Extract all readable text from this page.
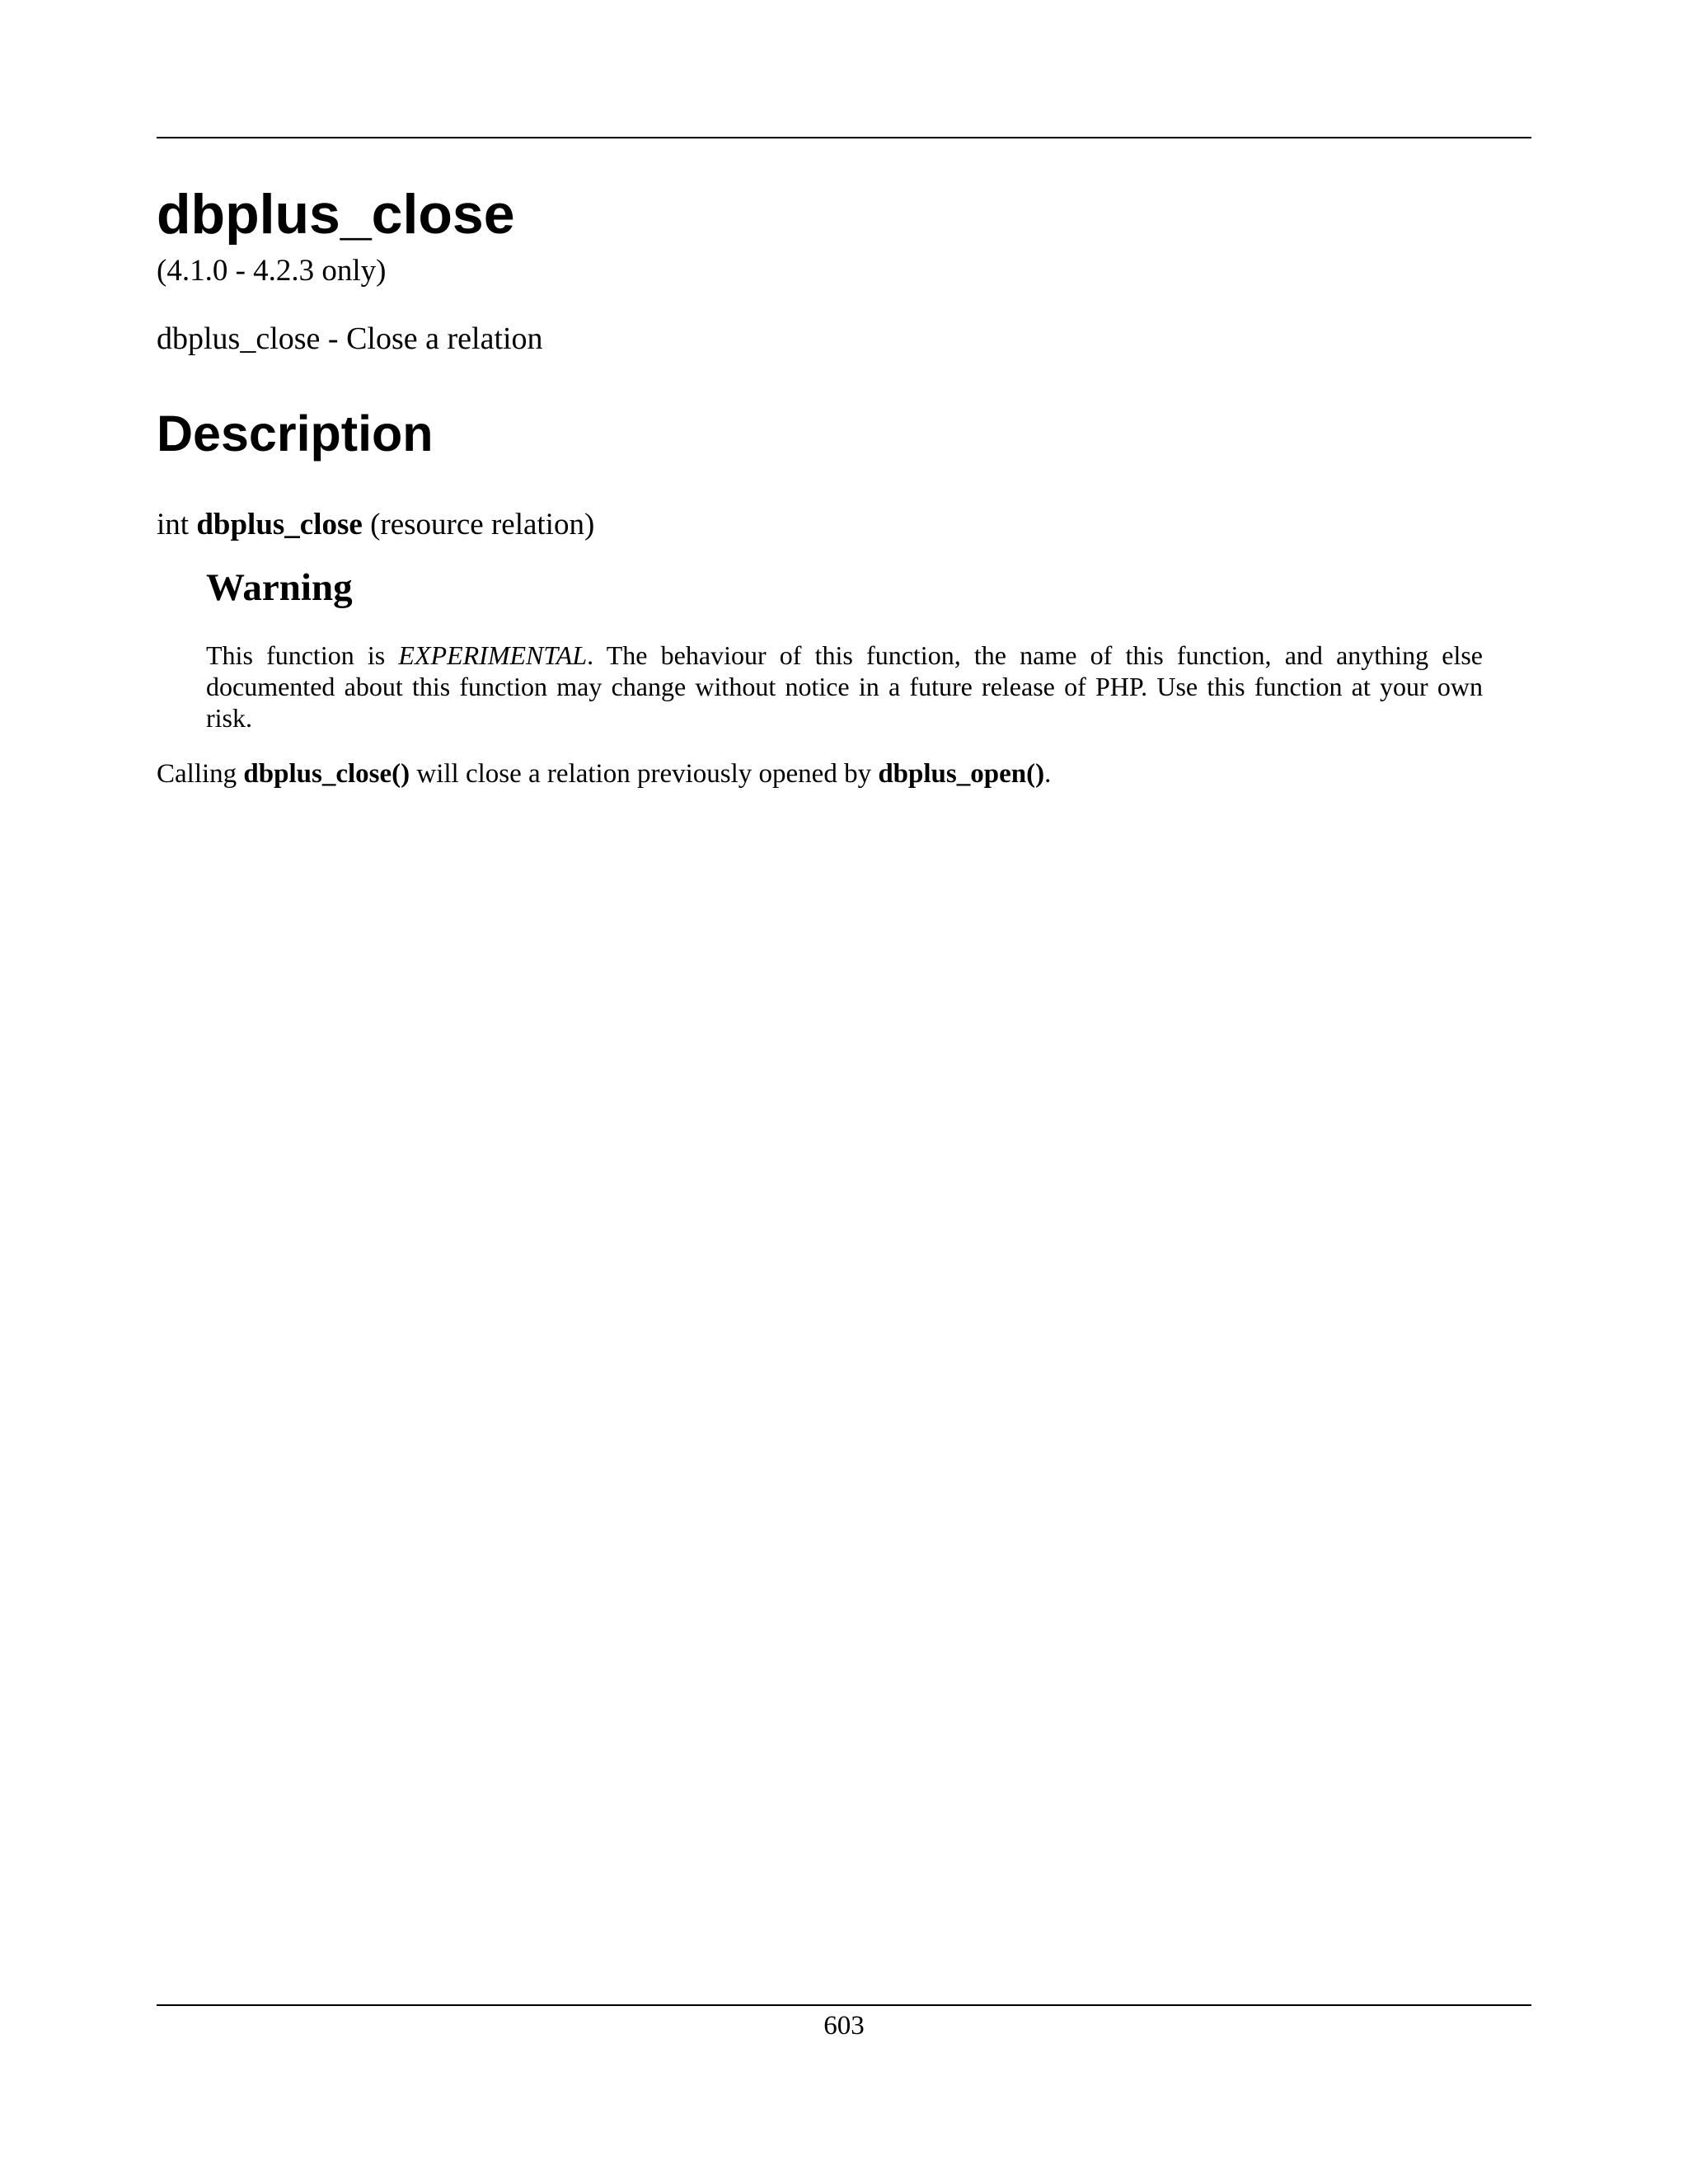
dbplus_close
(4.1.0 - 4.2.3 only)
dbplus_close - Close a relation
Description
int dbplus_close (resource relation)
Warning

This function is EXPERIMENTAL. The behaviour of this function, the name of this function, and anything else documented about this function may change without notice in a future release of PHP. Use this function at your own risk.

Calling dbplus_close() will close a relation previously opened by dbplus_open().

603
